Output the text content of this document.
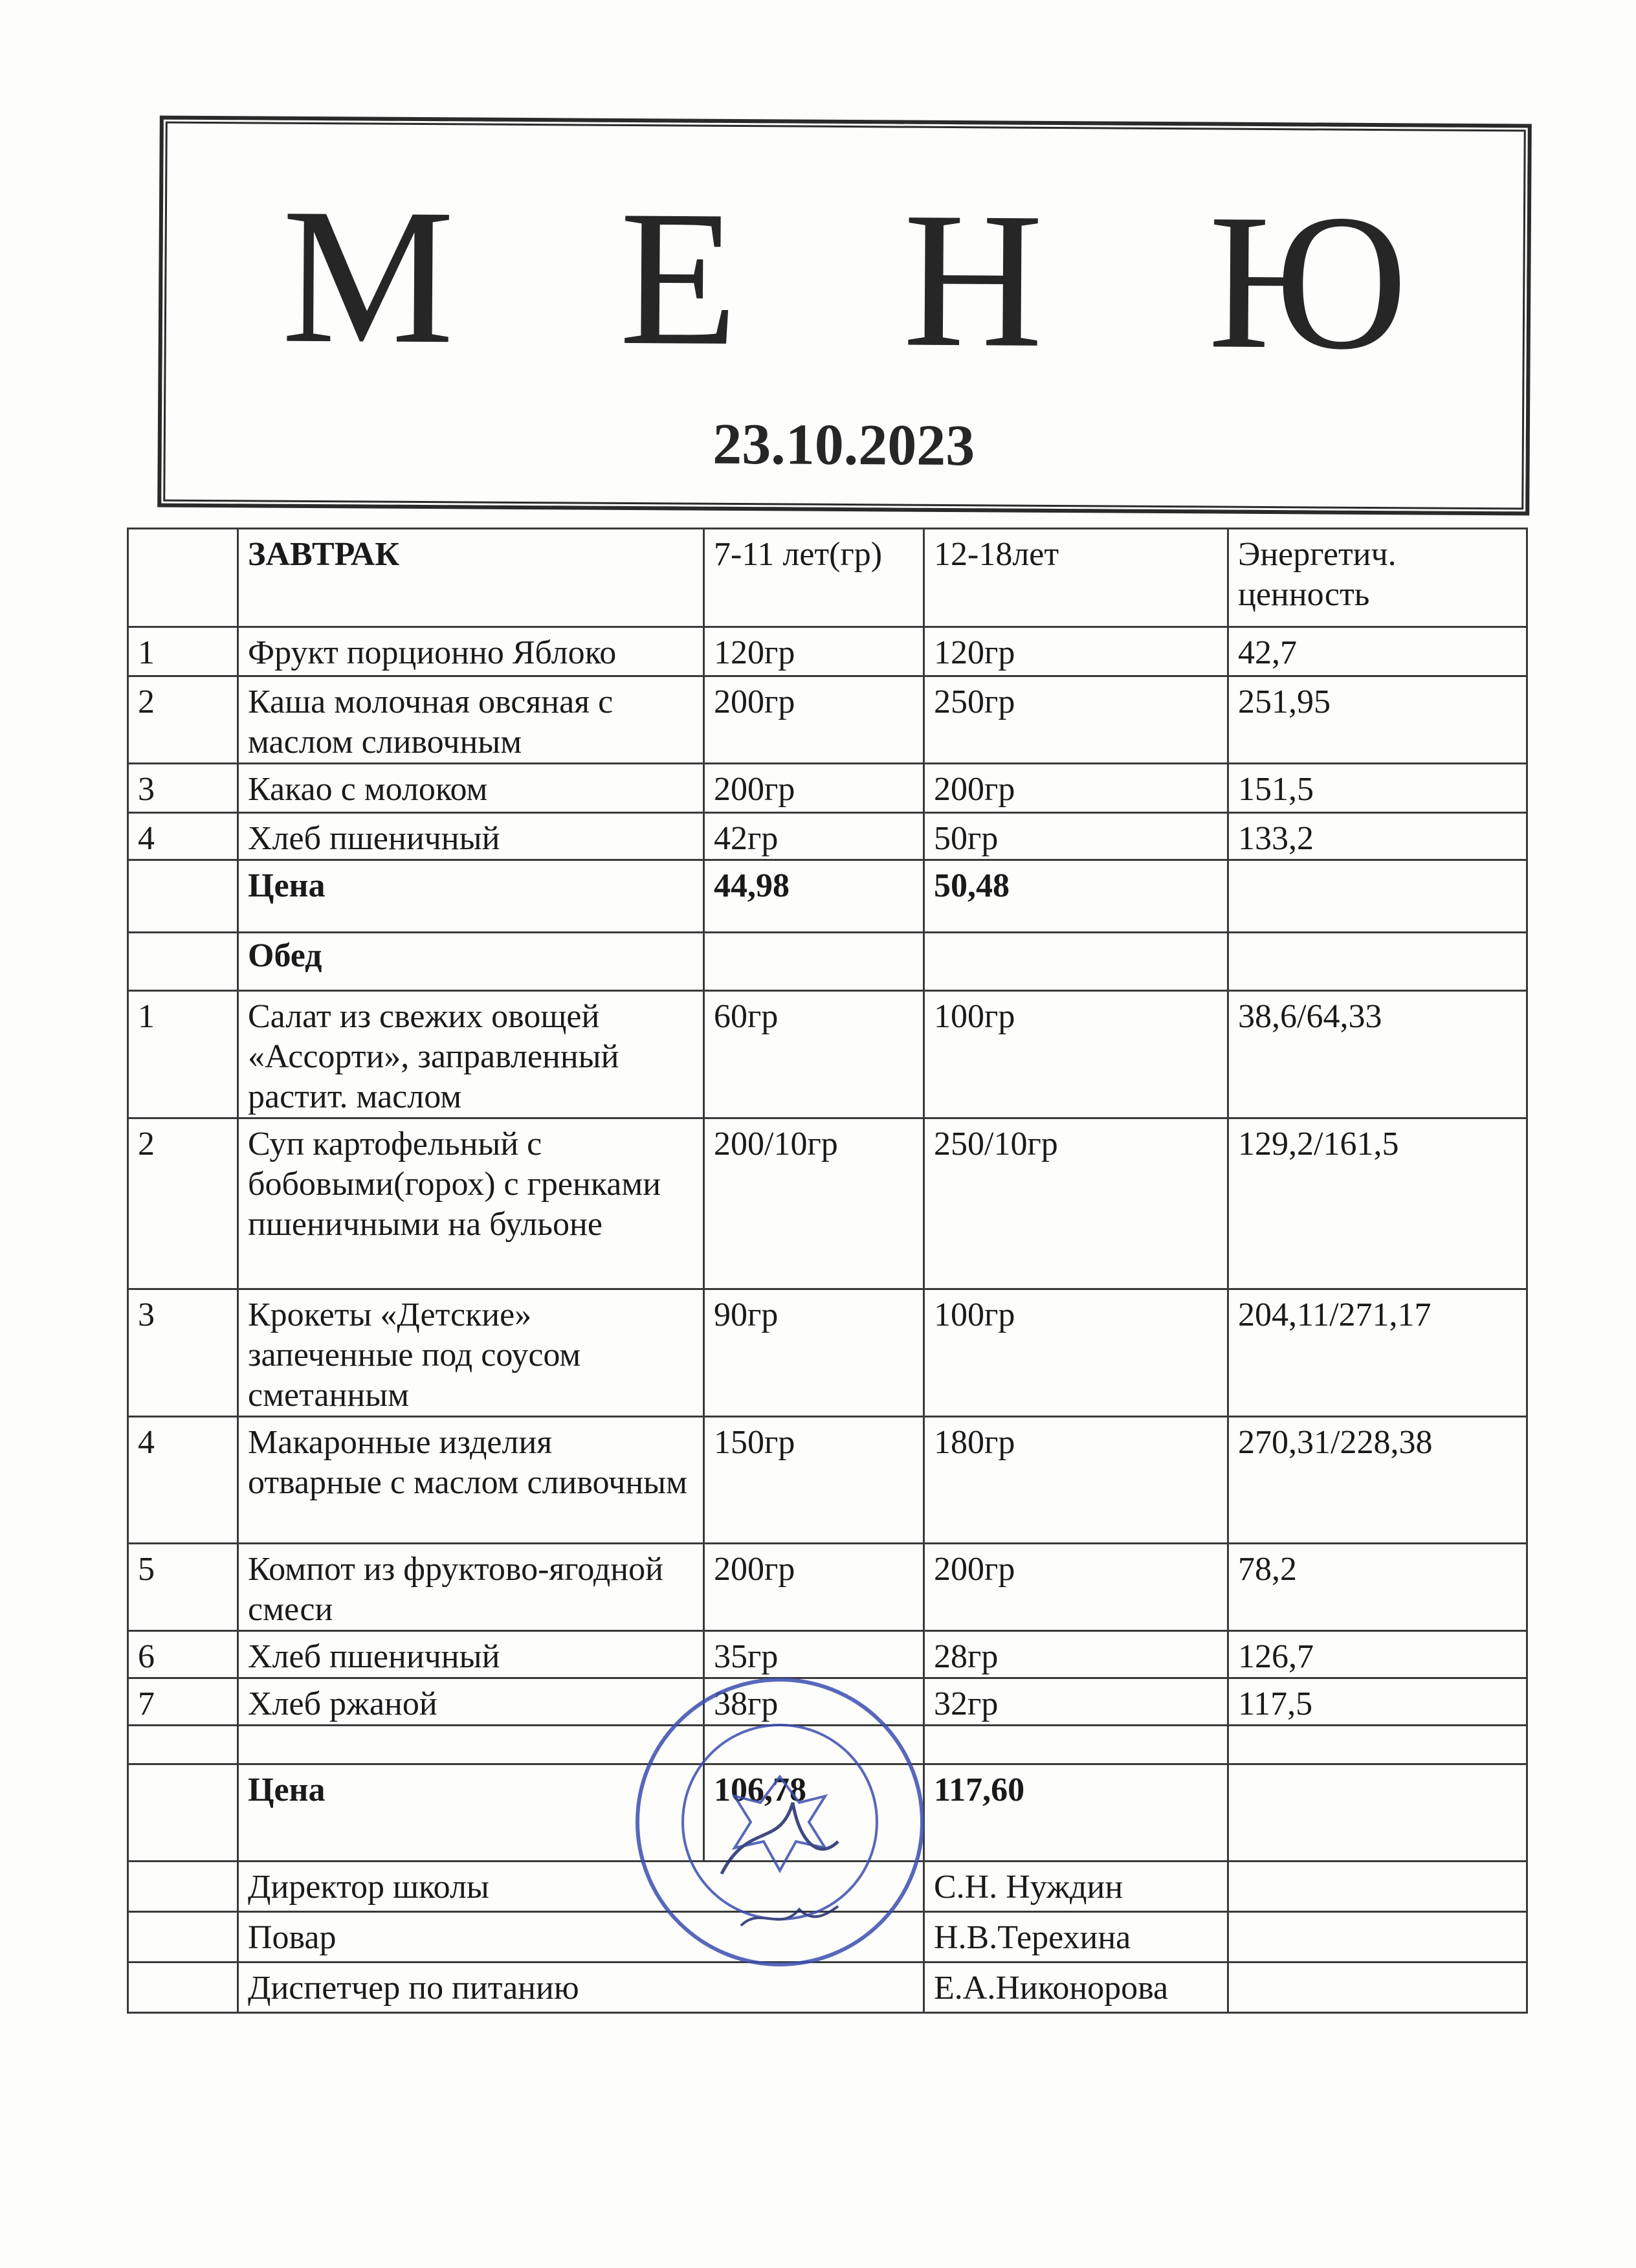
М Е Н Ю
23.10.2023
	ЗАВТРАК	7-11 лет(гр)	12-18лет	Энергетич. ценность
1	Фрукт порционно Яблоко	120гр	120гр	42,7
2	Каша молочная овсяная с маслом сливочным	200гр	250гр	251,95
3	Какао с молоком	200гр	200гр	151,5
4	Хлеб пшеничный	42гр	50гр	133,2
	Цена	44,98	50,48	
	Обед			
1	Салат из свежих овощей «Ассорти», заправленный растит. маслом	60гр	100гр	38,6/64,33
2	Суп картофельный с бобовыми(горох) с гренками пшеничными на бульоне	200/10гр	250/10гр	129,2/161,5
3	Крокеты «Детские» запеченные под соусом сметанным	90гр	100гр	204,11/271,17
4	Макаронные изделия отварные с маслом сливочным	150гр	180гр	270,31/228,38
5	Компот из фруктово-ягодной смеси	200гр	200гр	78,2
6	Хлеб пшеничный	35гр	28гр	126,7
7	Хлеб ржаной	38гр	32гр	117,5

	Цена	106,78	117,60	
	Директор школы		С.Н. Нуждин	
	Повар		Н.В.Терехина	
	Диспетчер по питанию		Е.А.Никонорова	
